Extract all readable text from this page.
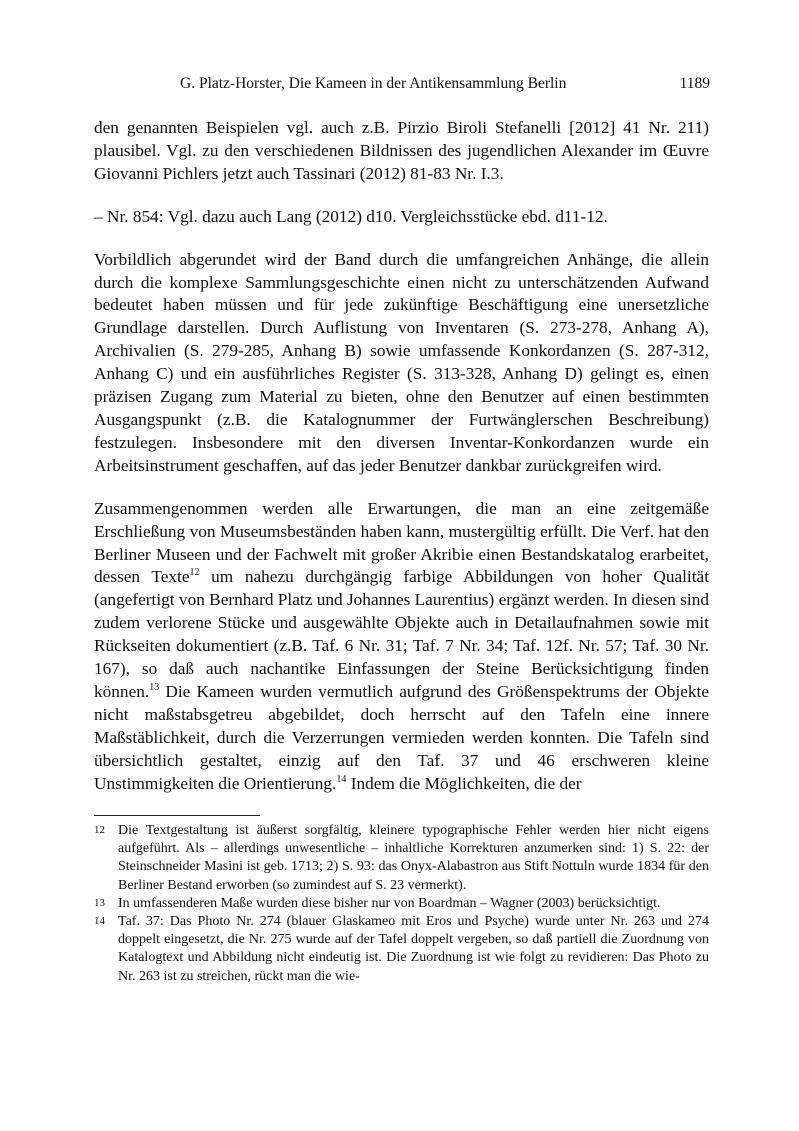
G. Platz-Horster, Die Kameen in der Antikensammlung Berlin	1189

den genannten Beispielen vgl. auch z.B. Pirzio Biroli Stefanelli [2012] 41 Nr. 211) plausibel. Vgl. zu den verschiedenen Bildnissen des jugendlichen Alexander im Œuvre Giovanni Pichlers jetzt auch Tassinari (2012) 81-83 Nr. I.3.

– Nr. 854: Vgl. dazu auch Lang (2012) d10. Vergleichsstücke ebd. d11-12.

Vorbildlich abgerundet wird der Band durch die umfangreichen Anhänge, die allein durch die komplexe Sammlungsgeschichte einen nicht zu unterschätzenden Aufwand bedeutet haben müssen und für jede zukünftige Beschäftigung eine unersetzliche Grundlage darstellen. Durch Auflistung von Inventaren (S. 273-278, Anhang A), Archivalien (S. 279-285, Anhang B) sowie umfassende Konkordanzen (S. 287-312, Anhang C) und ein ausführliches Register (S. 313-328, Anhang D) gelingt es, einen präzisen Zugang zum Material zu bieten, ohne den Benutzer auf einen bestimmten Ausgangspunkt (z.B. die Katalognummer der Furtwänglerschen Beschreibung) festzulegen. Insbesondere mit den diversen Inventar-Konkordanzen wurde ein Arbeitsinstrument geschaffen, auf das jeder Benutzer dankbar zurückgreifen wird.

Zusammengenommen werden alle Erwartungen, die man an eine zeitgemäße Erschließung von Museumsbeständen haben kann, mustergültig erfüllt. Die Verf. hat den Berliner Museen und der Fachwelt mit großer Akribie einen Bestandskatalog erarbeitet, dessen Texte$^{12}$ um nahezu durchgängig farbige Abbildungen von hoher Qualität (angefertigt von Bernhard Platz und Johannes Laurentius) ergänzt werden. In diesen sind zudem verlorene Stücke und ausgewählte Objekte auch in Detailaufnahmen sowie mit Rückseiten dokumentiert (z.B. Taf. 6 Nr. 31; Taf. 7 Nr. 34; Taf. 12f. Nr. 57; Taf. 30 Nr. 167), so daß auch nachantike Einfassungen der Steine Berücksichtigung finden können.$^{13}$ Die Kameen wurden vermutlich aufgrund des Größenspektrums der Objekte nicht maßstabsgetreu abgebildet, doch herrscht auf den Tafeln eine innere Maßstäblichkeit, durch die Verzerrungen vermieden werden konnten. Die Tafeln sind übersichtlich gestaltet, einzig auf den Taf. 37 und 46 erschweren kleine Unstimmigkeiten die Orientierung.$^{14}$ Indem die Möglichkeiten, die der

12 Die Textgestaltung ist äußerst sorgfältig, kleinere typographische Fehler werden hier nicht eigens aufgeführt. Als – allerdings unwesentliche – inhaltliche Korrekturen anzumerken sind: 1) S. 22: der Steinschneider Masini ist geb. 1713; 2) S. 93: das Onyx-Alabastron aus Stift Nottuln wurde 1834 für den Berliner Bestand erworben (so zumindest auf S. 23 vermerkt).
13 In umfassenderen Maße wurden diese bisher nur von Boardman – Wagner (2003) berücksichtigt.
14 Taf. 37: Das Photo Nr. 274 (blauer Glaskameo mit Eros und Psyche) wurde unter Nr. 263 und 274 doppelt eingesetzt, die Nr. 275 wurde auf der Tafel doppelt vergeben, so daß partiell die Zuordnung von Katalogtext und Abbildung nicht eindeutig ist. Die Zuordnung ist wie folgt zu revidieren: Das Photo zu Nr. 263 ist zu streichen, rückt man die wie-
